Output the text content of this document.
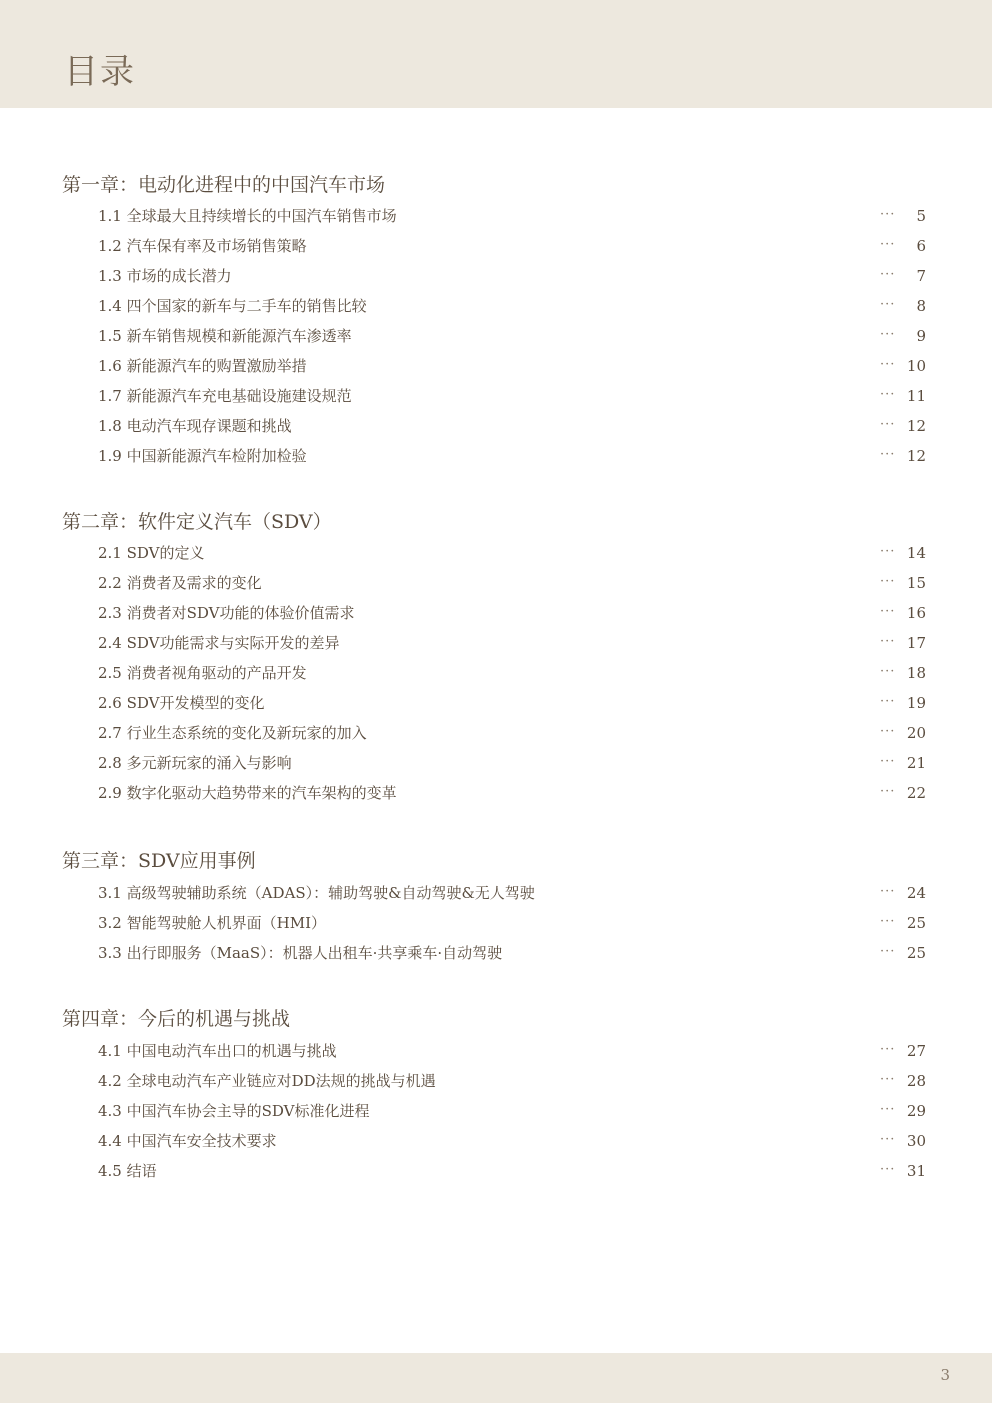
目录
第一章：电动化进程中的中国汽车市场
1.1 全球最大且持续增长的中国汽车销售市场	··· 5
1.2 汽车保有率及市场销售策略	··· 6
1.3 市场的成长潜力	··· 7
1.4 四个国家的新车与二手车的销售比较	··· 8
1.5 新车销售规模和新能源汽车渗透率	··· 9
1.6 新能源汽车的购置激励举措	··· 10
1.7 新能源汽车充电基础设施建设规范	··· 11
1.8 电动汽车现存课题和挑战	··· 12
1.9 中国新能源汽车检附加检验	··· 12
第二章：软件定义汽车（SDV）
2.1 SDV的定义	··· 14
2.2 消费者及需求的变化	··· 15
2.3 消费者对SDV功能的体验价值需求	··· 16
2.4 SDV功能需求与实际开发的差异	··· 17
2.5 消费者视角驱动的产品开发	··· 18
2.6 SDV开发模型的变化	··· 19
2.7 行业生态系统的变化及新玩家的加入	··· 20
2.8 多元新玩家的涌入与影响	··· 21
2.9 数字化驱动大趋势带来的汽车架构的变革	··· 22
第三章：SDV应用事例
3.1 高级驾驶辅助系统（ADAS）：辅助驾驶&自动驾驶&无人驾驶	··· 24
3.2 智能驾驶舱人机界面（HMI）	··· 25
3.3 出行即服务（MaaS）：机器人出租车·共享乘车·自动驾驶	··· 25
第四章：今后的机遇与挑战
4.1 中国电动汽车出口的机遇与挑战	··· 27
4.2 全球电动汽车产业链应对DD法规的挑战与机遇	··· 28
4.3 中国汽车协会主导的SDV标准化进程	··· 29
4.4 中国汽车安全技术要求	··· 30
4.5 结语	··· 31
3
